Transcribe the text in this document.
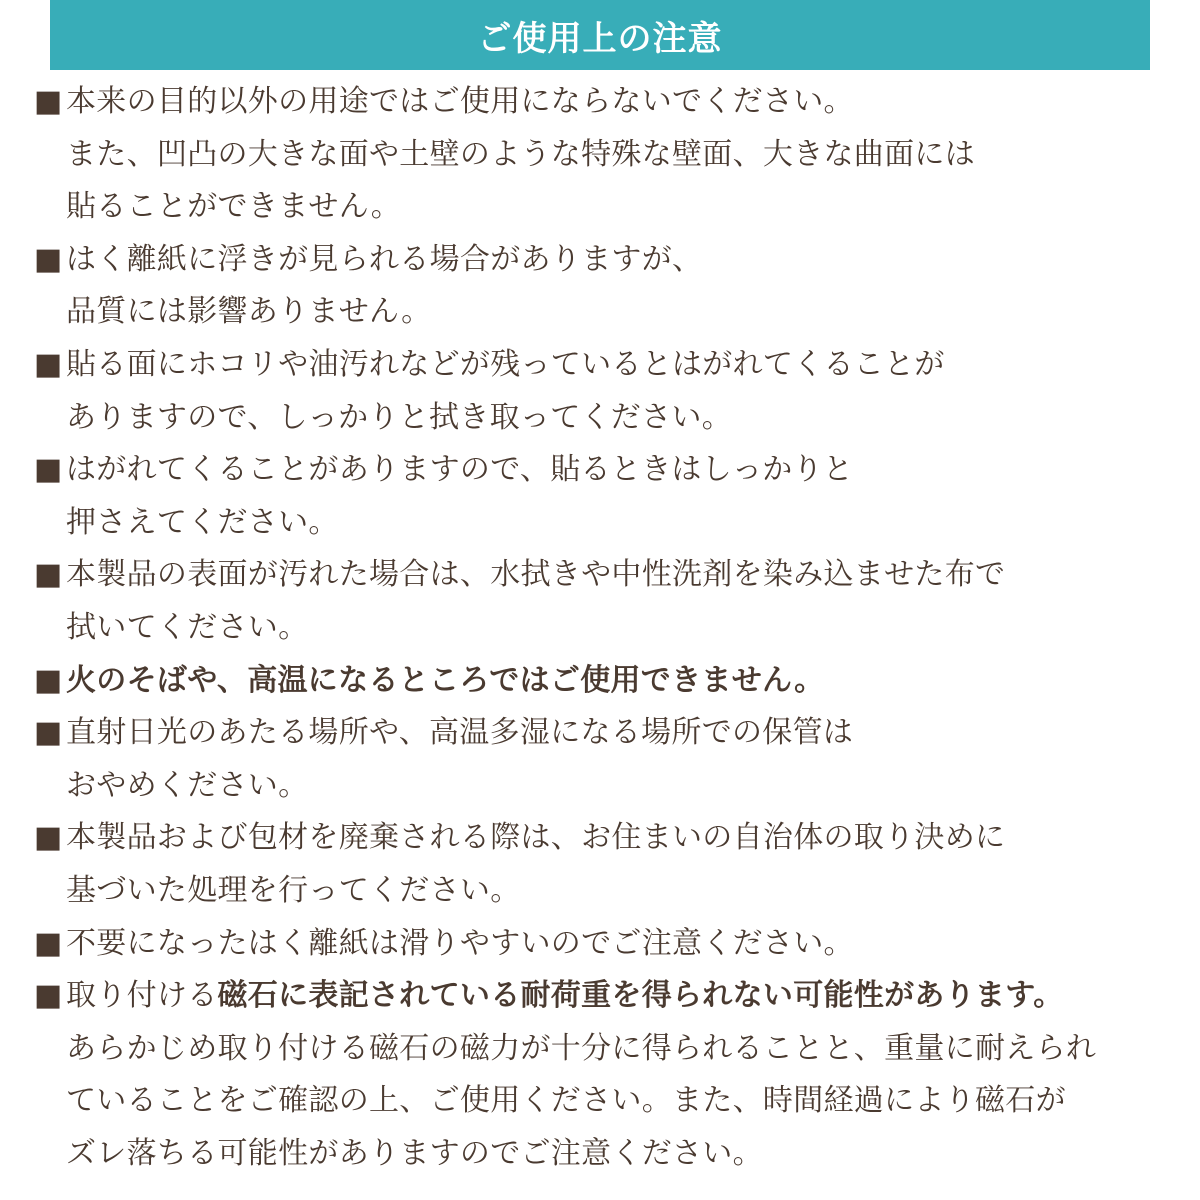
ご使用上の注意
■ 本来の目的以外の用途ではご使用にならないでください。
また、凹凸の大きな面や土壁のような特殊な壁面、大きな曲面には
貼ることができません。
■ はく離紙に浮きが見られる場合がありますが、
品質には影響ありません。
■ 貼る面にホコリや油汚れなどが残っているとはがれてくることが
ありますので、しっかりと拭き取ってください。
■ はがれてくることがありますので、貼るときはしっかりと
押さえてください。
■ 本製品の表面が汚れた場合は、水拭きや中性洗剤を染み込ませた布で
拭いてください。
■ 火のそばや、高温になるところではご使用できません。
■ 直射日光のあたる場所や、高温多湿になる場所での保管は
おやめください。
■ 本製品および包材を廃棄される際は、お住まいの自治体の取り決めに
基づいた処理を行ってください。
■ 不要になったはく離紙は滑りやすいのでご注意ください。
■ 取り付ける磁石に表記されている耐荷重を得られない可能性があります。
あらかじめ取り付ける磁石の磁力が十分に得られることと、重量に耐えられ
ていることをご確認の上、ご使用ください。また、時間経過により磁石が
ズレ落ちる可能性がありますのでご注意ください。
